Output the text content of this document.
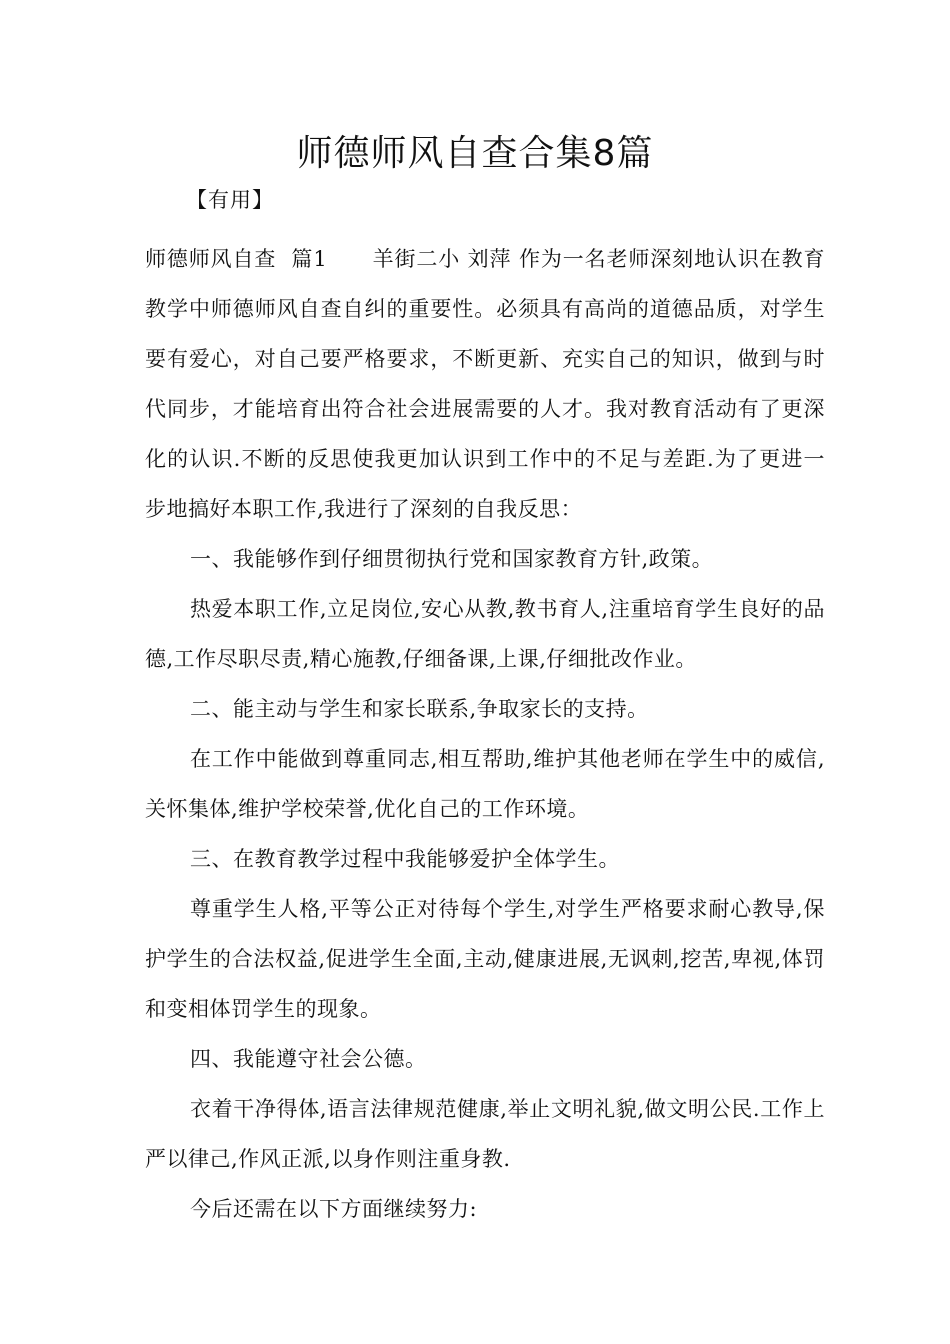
师德师风自查合集8篇
【有用】

师德师风自查  篇1 羊街二小 刘萍 作为一名老师深刻地认识在教育教学中师德师风自查自纠的重要性。必须具有高尚的道德品质，对学生要有爱心，对自己要严格要求，不断更新、充实自己的知识，做到与时代同步，才能培育出符合社会进展需要的人才。我对教育活动有了更深化的认识.不断的反思使我更加认识到工作中的不足与差距.为了更进一步地搞好本职工作,我进行了深刻的自我反思：

一、我能够作到仔细贯彻执行党和国家教育方针,政策。

热爱本职工作,立足岗位,安心从教,教书育人,注重培育学生良好的品德,工作尽职尽责,精心施教,仔细备课,上课,仔细批改作业。

二、能主动与学生和家长联系,争取家长的支持。

在工作中能做到尊重同志,相互帮助,维护其他老师在学生中的威信,关怀集体,维护学校荣誉,优化自己的工作环境。

三、在教育教学过程中我能够爱护全体学生。

尊重学生人格,平等公正对待每个学生,对学生严格要求耐心教导,保护学生的合法权益,促进学生全面,主动,健康进展,无讽刺,挖苦,卑视,体罚和变相体罚学生的现象。

四、我能遵守社会公德。

衣着干净得体,语言法律规范健康,举止文明礼貌,做文明公民.工作上严以律己,作风正派,以身作则注重身教.

今后还需在以下方面继续努力:
